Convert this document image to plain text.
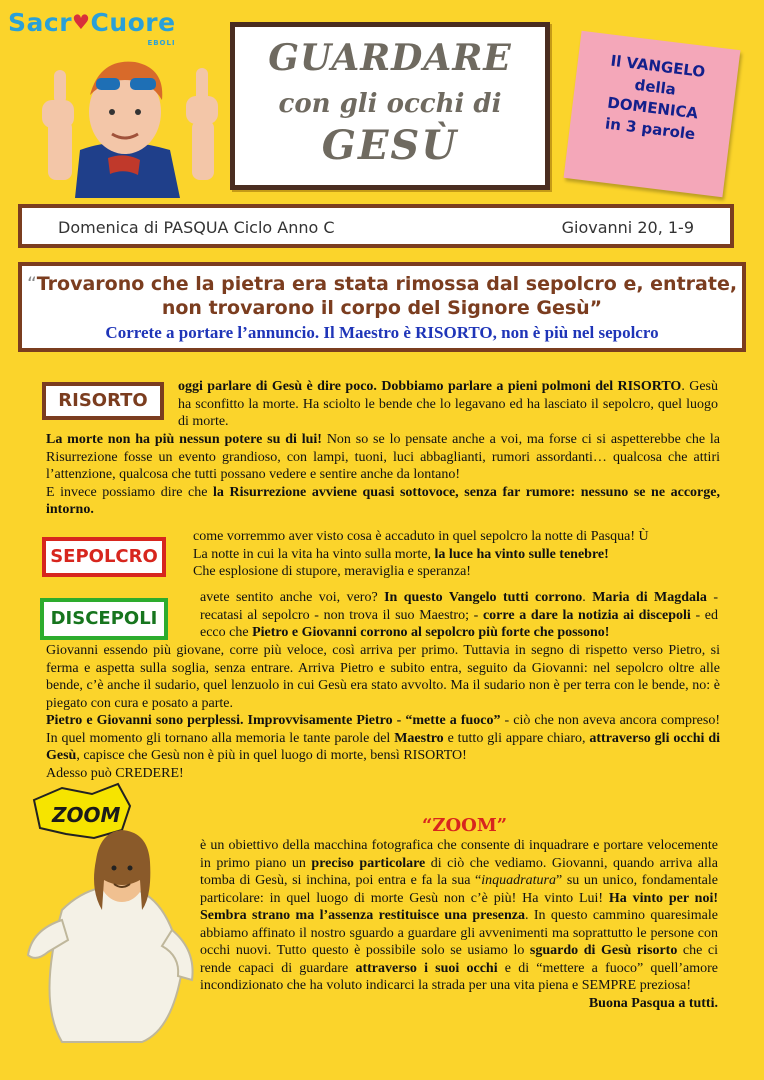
Sacr♥Cuore
EBOLI	GUARDARE
con gli occhi di
GESÙ
Il VANGELO
della
DOMENICA
in 3 parole
Domenica di PASQUA Ciclo Anno C	Giovanni 20, 1-9
“Trovarono che la pietra era stata rimossa dal sepolcro e, entrate, non trovarono il corpo del Signore Gesù”
Correte a portare l’annuncio. Il Maestro è RISORTO, non è più nel sepolcro
RISORTO
SEPOLCRO
DISCEPOLI
oggi parlare di Gesù è dire poco. Dobbiamo parlare a pieni polmoni del RISORTO. Gesù ha sconfitto la morte. Ha sciolto le bende che lo legavano ed ha lasciato il sepolcro, quel luogo di morte.
La morte non ha più nessun potere su di lui! Non so se lo pensate anche a voi, ma forse ci si aspetterebbe che la Risurrezione fosse un evento grandioso, con lampi, tuoni, luci abbaglianti, rumori assordanti… qualcosa che attiri l’attenzione, qualcosa che tutti possano vedere e sentire anche da lontano!
E invece possiamo dire che la Risurrezione avviene quasi sottovoce, senza far rumore: nessuno se ne accorge, intorno.
come vorremmo aver visto cosa è accaduto in quel sepolcro la notte di Pasqua! Ù
La notte in cui la vita ha vinto sulla morte, la luce ha vinto sulle tenebre!
Che esplosione di stupore, meraviglia e speranza!
avete sentito anche voi, vero? In questo Vangelo tutti corrono. Maria di Magdala - recatasi al sepolcro - non trova il suo Maestro; - corre a dare la notizia ai discepoli - ed ecco che Pietro e Giovanni corrono al sepolcro più forte che possono!
Giovanni essendo più giovane, corre più veloce, così arriva per primo. Tuttavia in segno di rispetto verso Pietro, si ferma e aspetta sulla soglia, senza entrare. Arriva Pietro e subito entra, seguito da Giovanni: nel sepolcro oltre alle bende, c’è anche il sudario, quel lenzuolo in cui Gesù era stato avvolto. Ma il sudario non è per terra con le bende, no: è piegato con cura e posato a parte.
Pietro e Giovanni sono perplessi. Improvvisamente Pietro - “mette a fuoco” - ciò che non aveva ancora compreso! In quel momento gli tornano alla memoria le tante parole del Maestro e tutto gli appare chiaro, attraverso gli occhi di Gesù, capisce che Gesù non è più in quel luogo di morte, bensì RISORTO!
Adesso può CREDERE!
“ZOOM”
ZOOM
è un obiettivo della macchina fotografica che consente di inquadrare e portare velocemente in primo piano un preciso particolare di ciò che vediamo. Giovanni, quando arriva alla tomba di Gesù, si inchina, poi entra e fa la sua “inquadratura” su un unico, fondamentale particolare: in quel luogo di morte Gesù non c’è più! Ha vinto Lui! Ha vinto per noi! Sembra strano ma l’assenza restituisce una presenza. In questo cammino quaresimale abbiamo affinato il nostro sguardo a guardare gli avvenimenti ma soprattutto le persone con occhi nuovi. Tutto questo è possibile solo se usiamo lo sguardo di Gesù risorto che ci rende capaci di guardare attraverso i suoi occhi e di “mettere a fuoco” quell’amore incondizionato che ha voluto indicarci la strada per una vita piena e SEMPRE preziosa!
Buona Pasqua a tutti.
